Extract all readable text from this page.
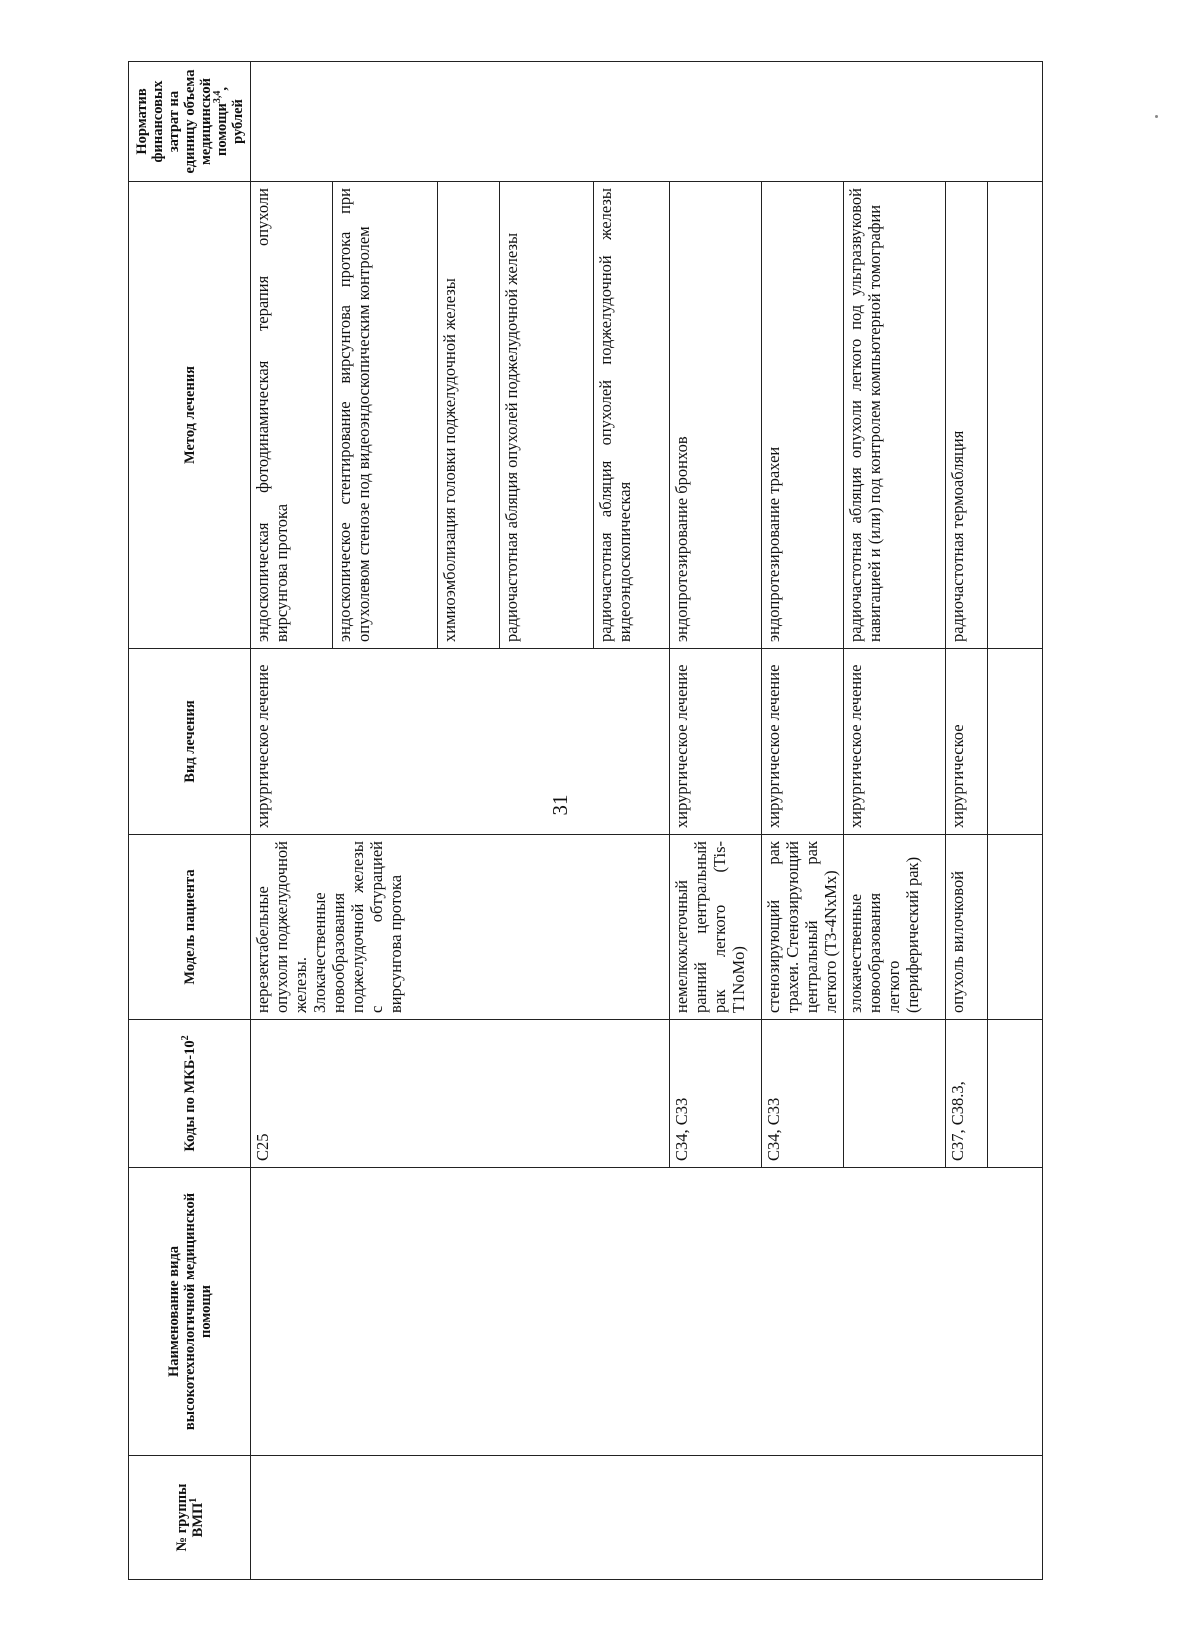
31
№ группы ВМП$^1$	Наименование вида высокотехнологичной медицинской помощи	Коды по МКБ-$10^2$	Модель пациента	Вид лечения	Метод лечения	Норматив финансовых затрат на единицу объема медицинской помощи$^{3,4}$, рублей
		C25	нерезектабельные опухоли поджелудочной железы. Злокачественные новообразования поджелудочной железы с обтурацией вирсунгова протока	хирургическое лечение	эндоскопическая фотодинамическая терапия опухоли вирсунгова протока	
					эндоскопическое стентирование вирсунгова протока при опухолевом стенозе под видеоэндоскопическим контролем	
					химиоэмболизация головки поджелудочной железы	
					радиочастотная абляция опухолей поджелудочной железы	
					радиочастотная абляция опухолей поджелудочной железы видеоэндоскопическая	
		C34, C33	немелкоклеточный ранний центральный рак легкого (Tis-T1NoMo)	хирургическое лечение	эндопротезирование бронхов	
		C34, C33	стенозирующий рак трахеи. Стенозирующий центральный рак легкого (T3-4NxMx)	хирургическое лечение	эндопротезирование трахеи	
			злокачественные новообразования легкого (периферический рак)	хирургическое лечение	радиочастотная абляция опухоли легкого под ультразвуковой навигацией и (или) под контролем компьютерной томографии	
		C37, C38.3,	опухоль вилочковой	хирургическое	радиочастотная термоабляция	
